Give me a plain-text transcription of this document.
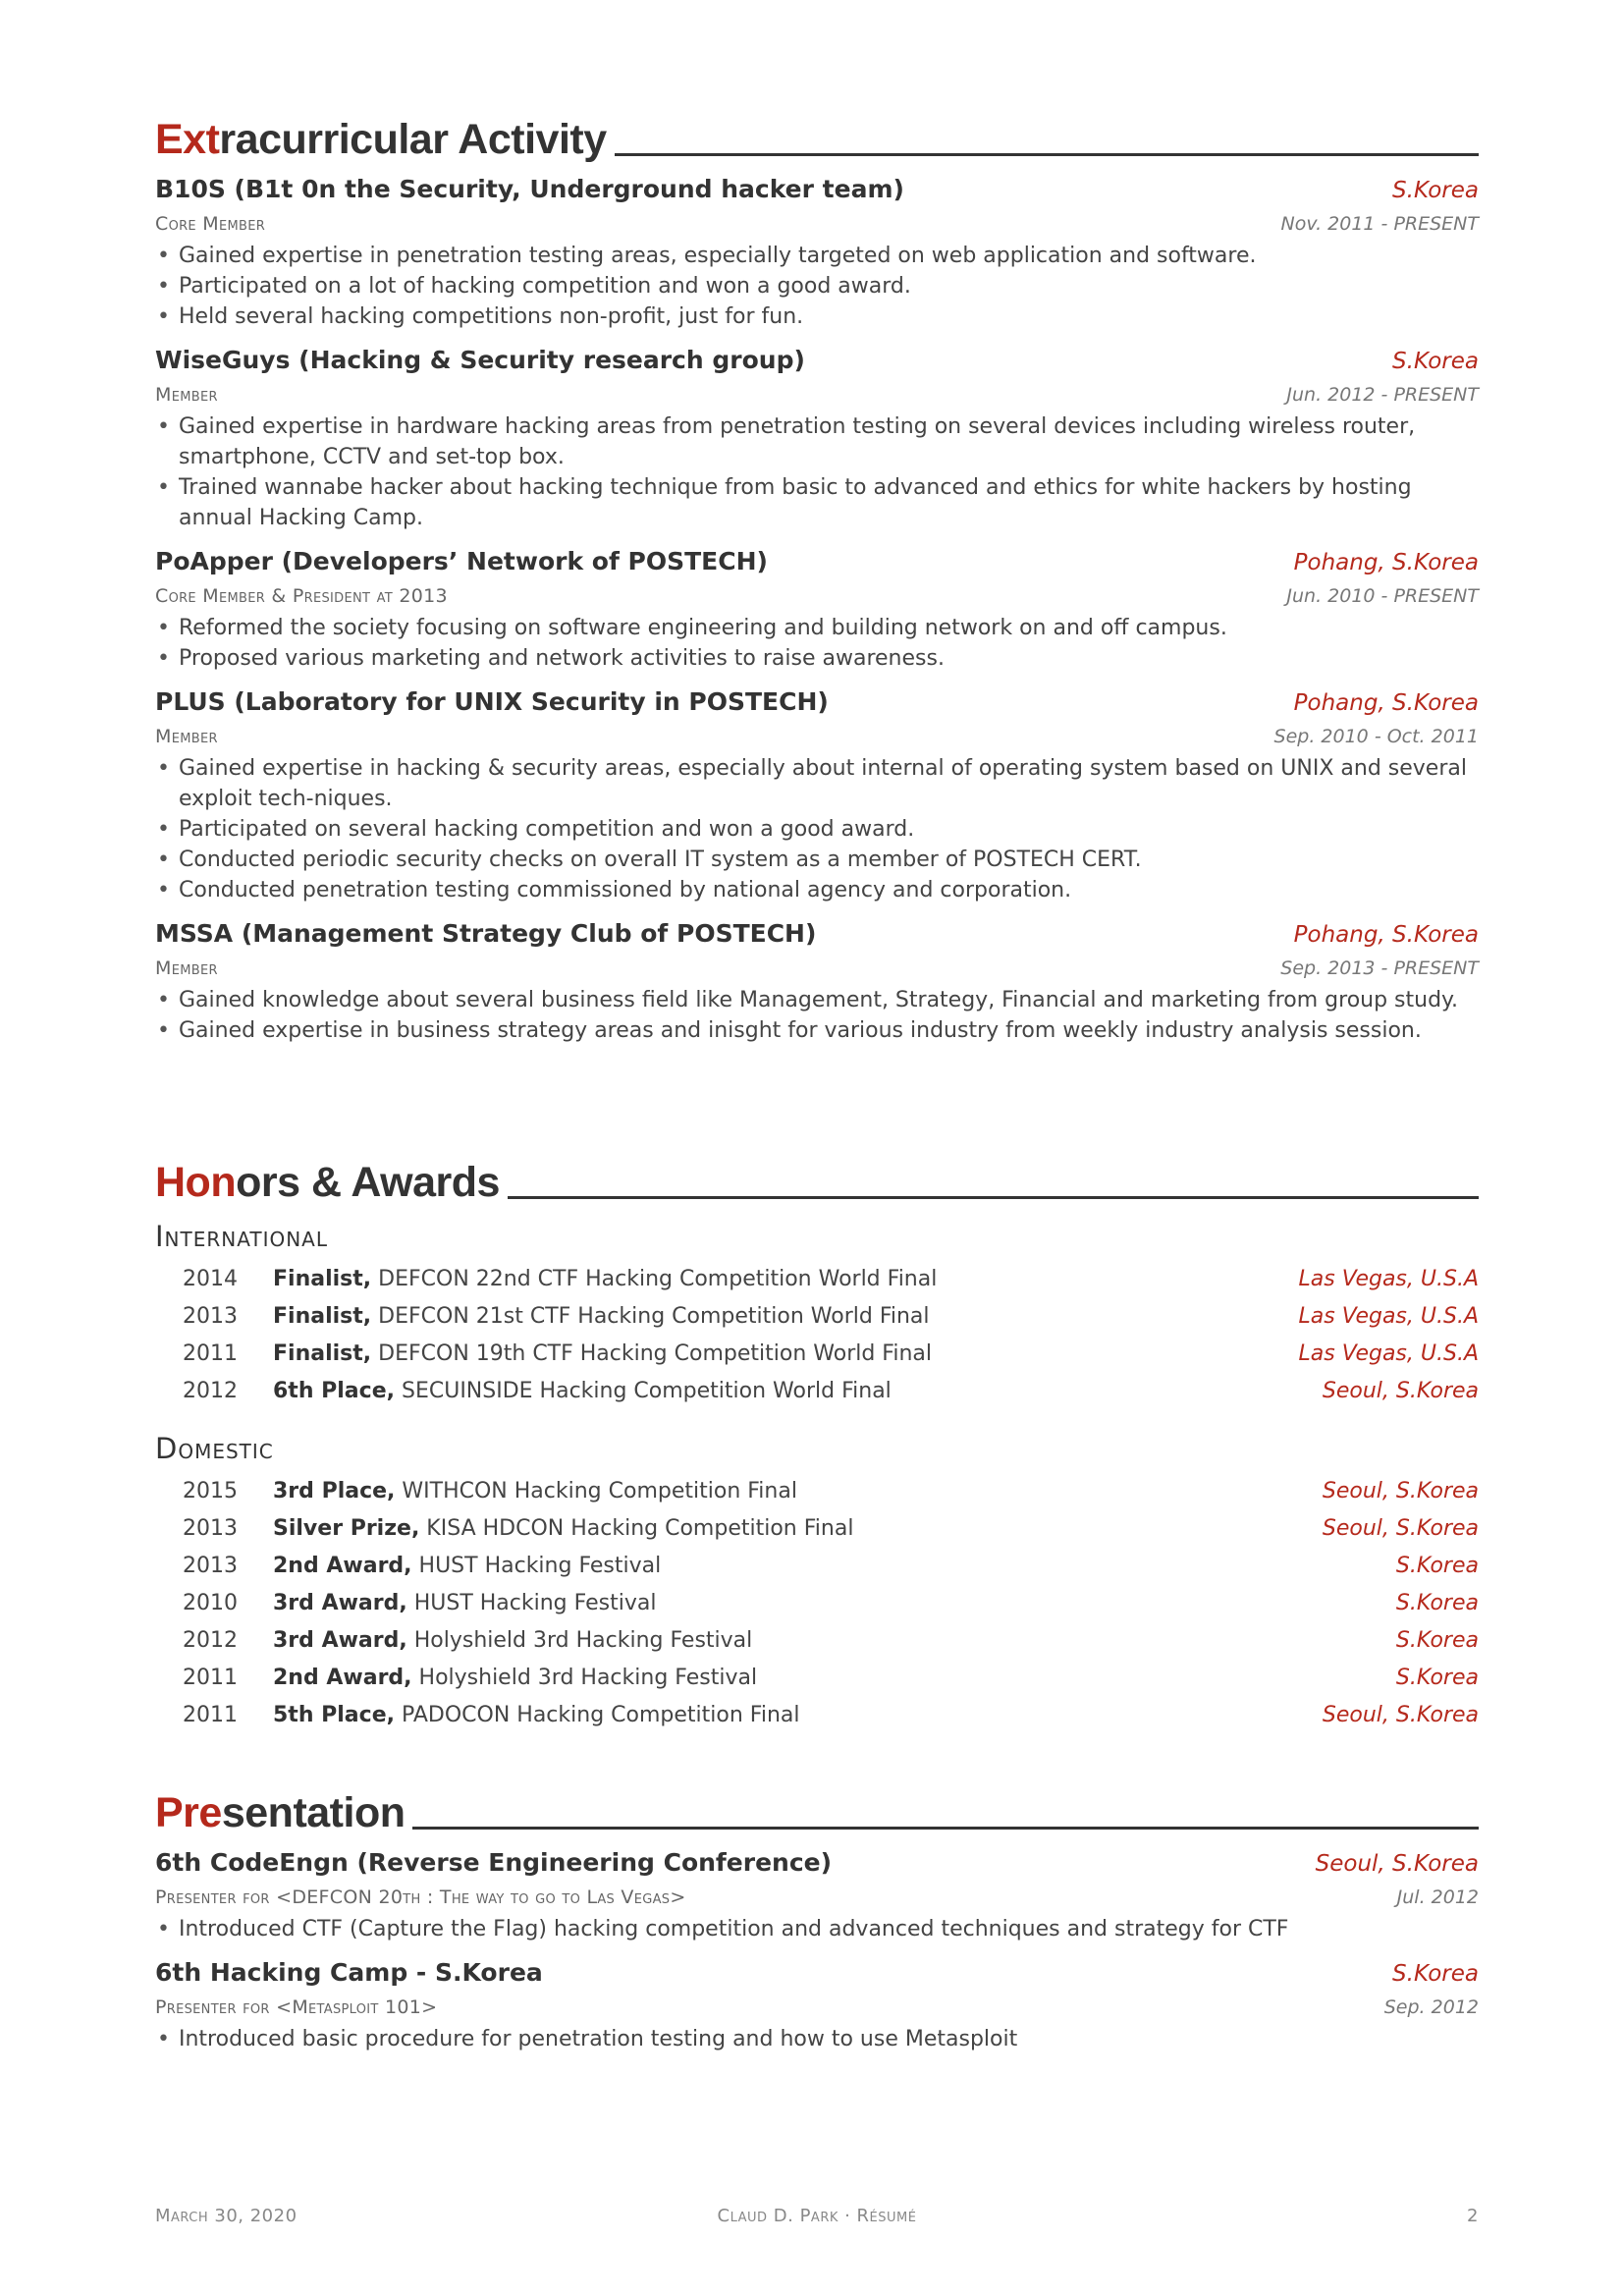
Extracurricular Activity
B10S (B1t 0n the Security, Underground hacker team)	S.Korea
Core Member	Nov. 2011 - PRESENT
• Gained expertise in penetration testing areas, especially targeted on web application and software.
• Participated on a lot of hacking competition and won a good award.
• Held several hacking competitions non-profit, just for fun.
WiseGuys (Hacking & Security research group)	S.Korea
Member	Jun. 2012 - PRESENT
• Gained expertise in hardware hacking areas from penetration testing on several devices including wireless router, smartphone, CCTV and set-top box.
• Trained wannabe hacker about hacking technique from basic to advanced and ethics for white hackers by hosting annual Hacking Camp.
PoApper (Developers’ Network of POSTECH)	Pohang, S.Korea
Core Member & President at 2013	Jun. 2010 - PRESENT
• Reformed the society focusing on software engineering and building network on and off campus.
• Proposed various marketing and network activities to raise awareness.
PLUS (Laboratory for UNIX Security in POSTECH)	Pohang, S.Korea
Member	Sep. 2010 - Oct. 2011
• Gained expertise in hacking & security areas, especially about internal of operating system based on UNIX and several exploit tech-niques.
• Participated on several hacking competition and won a good award.
• Conducted periodic security checks on overall IT system as a member of POSTECH CERT.
• Conducted penetration testing commissioned by national agency and corporation.
MSSA (Management Strategy Club of POSTECH)	Pohang, S.Korea
Member	Sep. 2013 - PRESENT
• Gained knowledge about several business field like Management, Strategy, Financial and marketing from group study.
• Gained expertise in business strategy areas and inisght for various industry from weekly industry analysis session.
Honors & Awards
International
2014	Finalist, DEFCON 22nd CTF Hacking Competition World Final	Las Vegas, U.S.A
2013	Finalist, DEFCON 21st CTF Hacking Competition World Final	Las Vegas, U.S.A
2011	Finalist, DEFCON 19th CTF Hacking Competition World Final	Las Vegas, U.S.A
2012	6th Place, SECUINSIDE Hacking Competition World Final	Seoul, S.Korea
Domestic
2015	3rd Place, WITHCON Hacking Competition Final	Seoul, S.Korea
2013	Silver Prize, KISA HDCON Hacking Competition Final	Seoul, S.Korea
2013	2nd Award, HUST Hacking Festival	S.Korea
2010	3rd Award, HUST Hacking Festival	S.Korea
2012	3rd Award, Holyshield 3rd Hacking Festival	S.Korea
2011	2nd Award, Holyshield 3rd Hacking Festival	S.Korea
2011	5th Place, PADOCON Hacking Competition Final	Seoul, S.Korea
Presentation
6th CodeEngn (Reverse Engineering Conference)	Seoul, S.Korea
Presenter for <DEFCON 20th : The way to go to Las Vegas>	Jul. 2012
• Introduced CTF (Capture the Flag) hacking competition and advanced techniques and strategy for CTF
6th Hacking Camp - S.Korea	S.Korea
Presenter for <Metasploit 101>	Sep. 2012
• Introduced basic procedure for penetration testing and how to use Metasploit
March 30, 2020	Claud D. Park · Résumé	2
